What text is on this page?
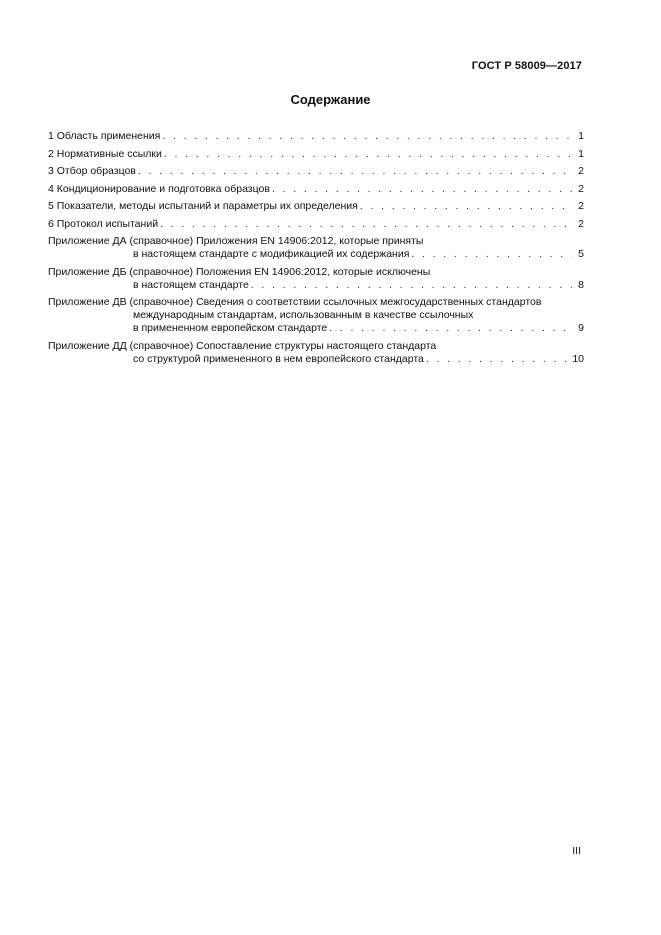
ГОСТ Р 58009—2017
Содержание
1 Область применения . . .	1
2 Нормативные ссылки . . .	1
3 Отбор образцов . . .	2
4 Кондиционирование и подготовка образцов . . .	2
5 Показатели, методы испытаний и параметры их определения . . .	2
6 Протокол испытаний . . .	2
Приложение ДА (справочное) Приложения EN 14906:2012, которые приняты
в настоящем стандарте с модификацией их содержания . . .	5
Приложение ДБ (справочное) Положения EN 14906:2012, которые исключены
в настоящем стандарте . . .	8
Приложение ДВ (справочное) Сведения о соответствии ссылочных межгосударственных стандартов
международным стандартам, использованным в качестве ссылочных
в примененном европейском стандарте . . .	9
Приложение ДД (справочное) Сопоставление структуры настоящего стандарта
со структурой примененного в нем европейского стандарта . . .	10
III
